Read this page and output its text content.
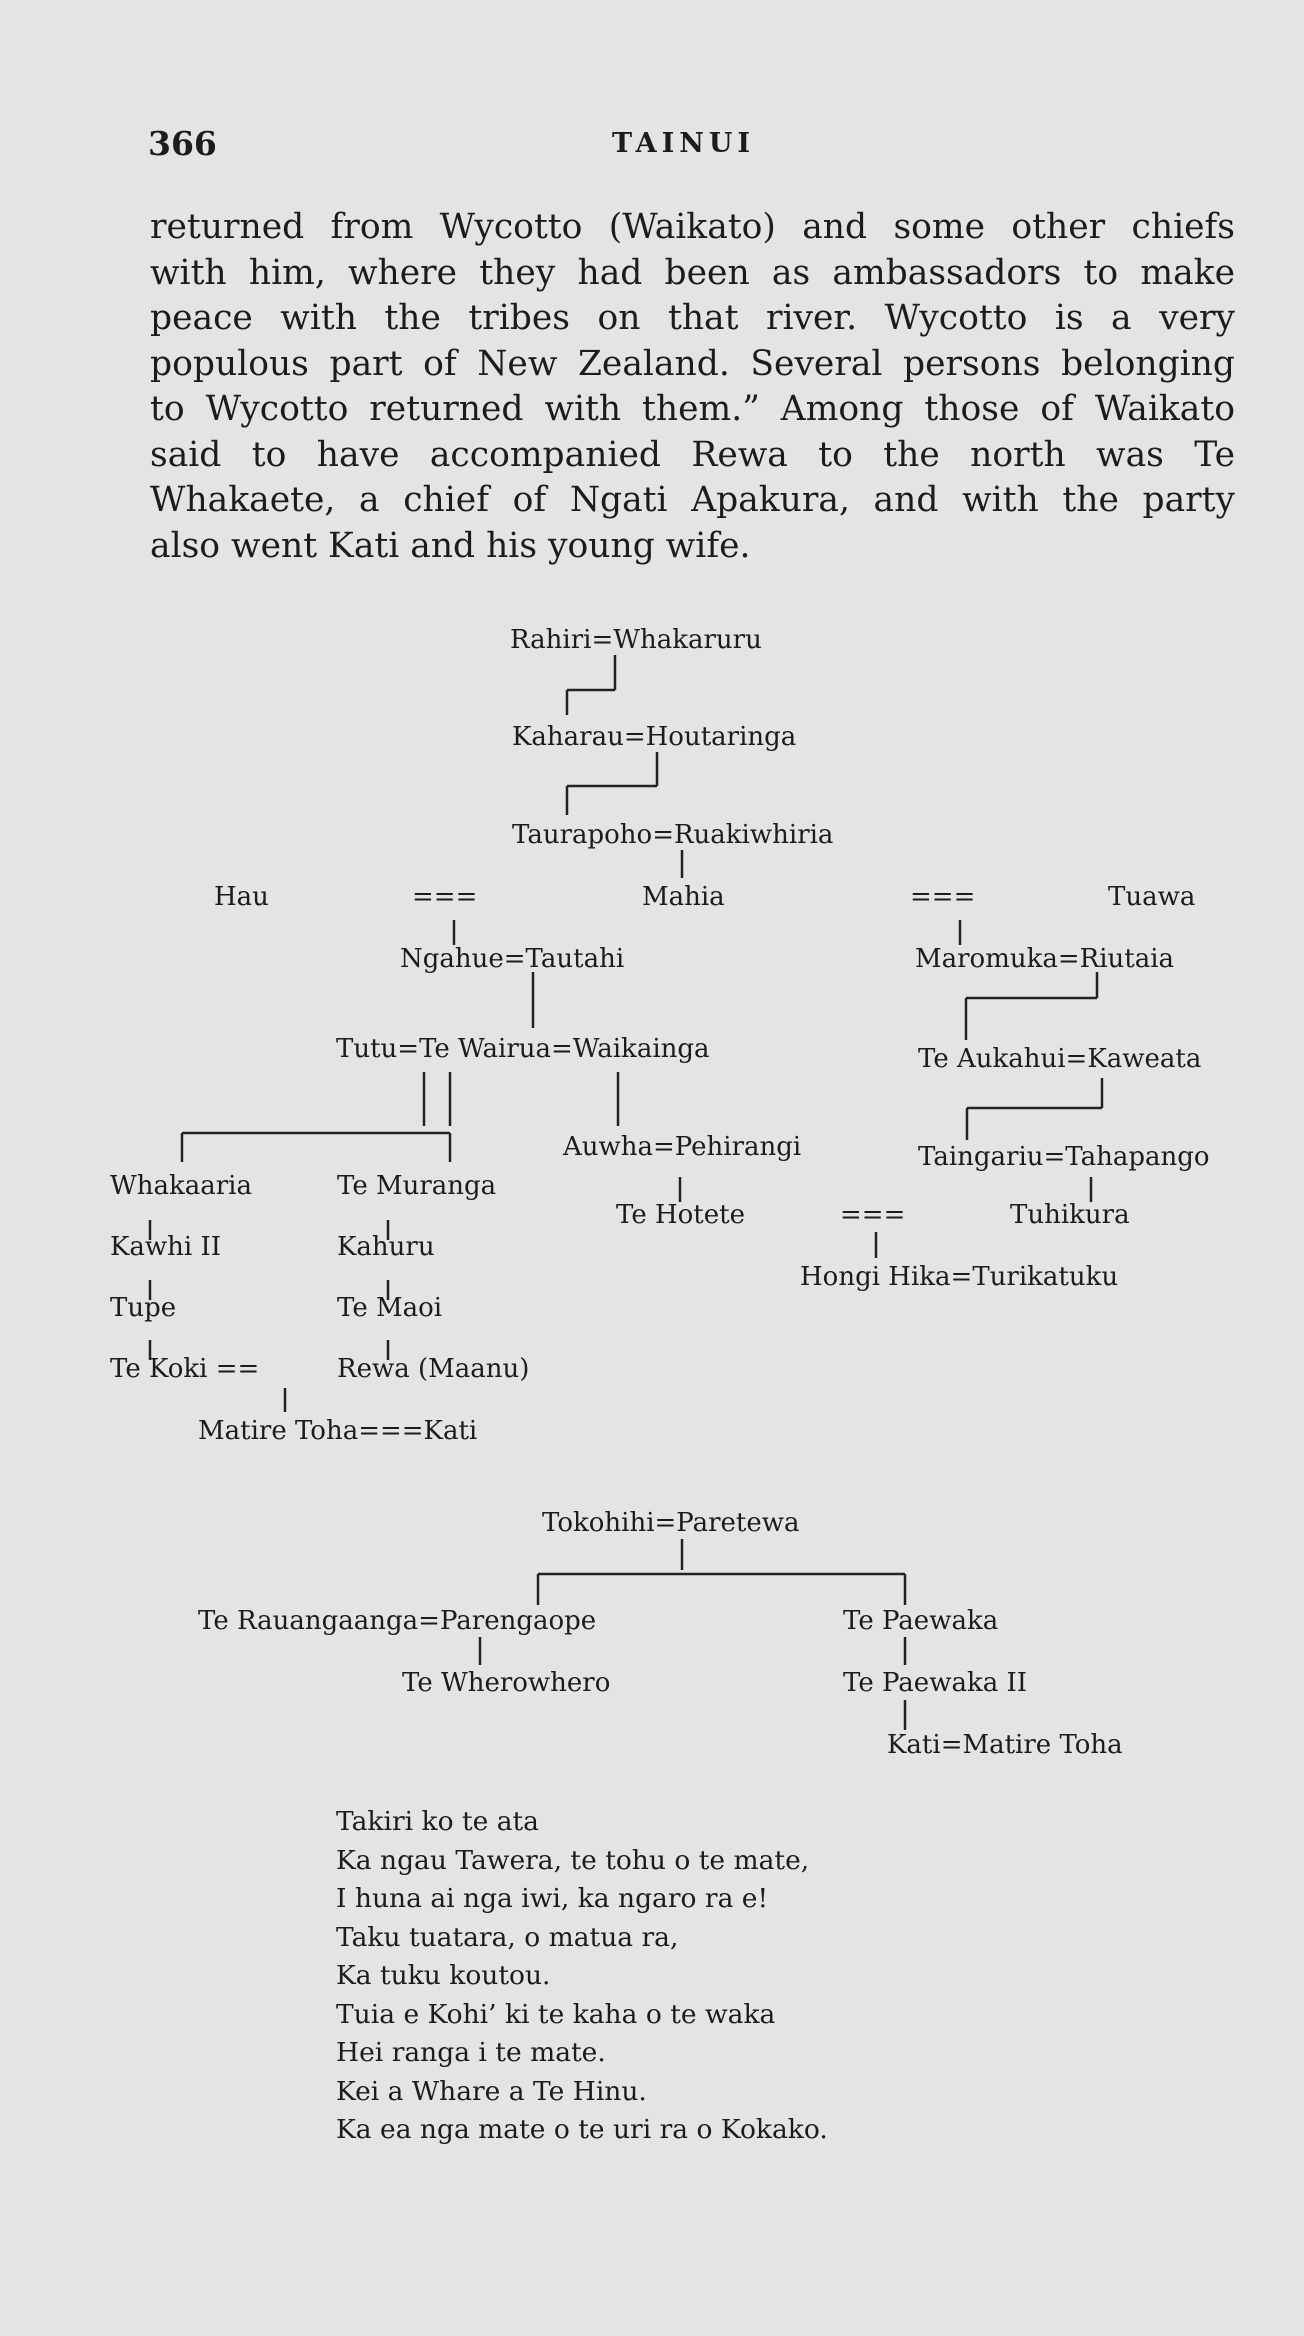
366	TAINUI
returned from Wycotto (Waikato) and some other chiefs
with him, where they had been as ambassadors to make
peace with the tribes on that river. Wycotto is a very
populous part of New Zealand. Several persons belonging
to Wycotto returned with them.” Among those of Waikato
said to have accompanied Rewa to the north was Te
Whakaete, a chief of Ngati Apakura, and with the party
also went Kati and his young wife.
Rahiri=Whakaruru
Kaharau=Houtaringa
Taurapoho=Ruakiwhiria
Hau	===	Mahia	===	Tuawa
Ngahue=Tautahi	Maromuka=Riutaia
Tutu=Te Wairua=Waikainga	Te Aukahui=Kaweata
Auwha=Pehirangi	Taingariu=Tahapango
Whakaaria	Te Muranga
Te Hotete	===	Tuhikura
Kawhi II	Kahuru
Hongi Hika=Turikatuku
Tupe	Te Maoi
Te Koki ==	Rewa (Maanu)
Matire Toha===Kati
Tokohihi=Paretewa
Te Rauangaanga=Parengaope	Te Paewaka
Te Wherowhero	Te Paewaka II
Kati=Matire Toha
Takiri ko te ata
Ka ngau Tawera, te tohu o te mate,
I huna ai nga iwi, ka ngaro ra e!
Taku tuatara, o matua ra,
Ka tuku koutou.
Tuia e Kohi’ ki te kaha o te waka
Hei ranga i te mate.
Kei a Whare a Te Hinu.
Ka ea nga mate o te uri ra o Kokako.
